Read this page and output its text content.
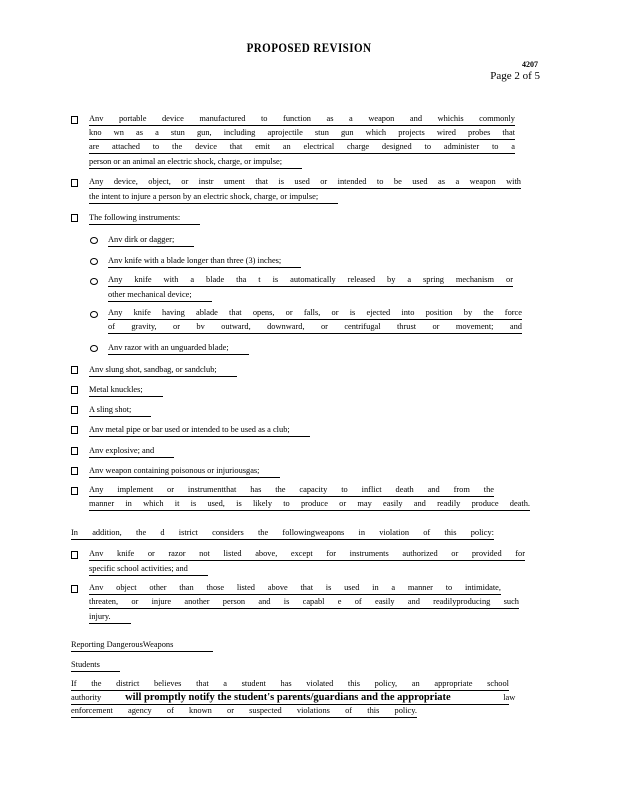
PROPOSED REVISION
4207
Page 2 of 5
Anv portable device manufactured to function as a weapon and whichis commonly
kno wn as a stun gun, including aprojectile stun gun which projects wired probes that
are attached to the device that emit an electrical charge designed to administer to a
person or an animal an electric shock, charge, or impulse;
Any device, object, or instr ument that is used or intended to be used as a weapon with
the intent to injure a person by an electric shock, charge, or impulse;
The following instruments:
Anv dirk or dagger;
Anv knife with a blade longer than three (3) inches;
Any knife with a blade tha t is automatically released by a spring mechanism or
other mechanical device;
Any knife having ablade that opens, or falls, or is ejected into position by the force
of gravity, or bv outward, downward, or centrifugal thrust or movement; and
Anv razor with an unguarded blade;
Anv slung shot, sandbag, or sandclub;
Metal knuckles;
A sling shot;
Anv metal pipe or bar used or intended to be used as a club;
Anv explosive; and
Anv weapon containing poisonous or injuriousgas;
Any implement or instrumentthat has the capacity to inflict death and from the
manner in which it is used, is likely to produce or may easily and readily produce death.
In addition, the d istrict considers the followingweapons in violation of this policy:
Anv knife or razor not listed above, except for instruments authorized or provided for
specific school activities; and
Anv object other than those listed above that is used in a manner to intimidate,
threaten, or injure another person and is capabl e of easily and readilyproducing such
injury.
Reporting DangerousWeapons
Students
If the district believes that a student has violated this policy, an appropriate school
authority will promptly notify the student's parents/guardians and the appropriate	law
enforcement agency of known or suspected violations of this policy.
